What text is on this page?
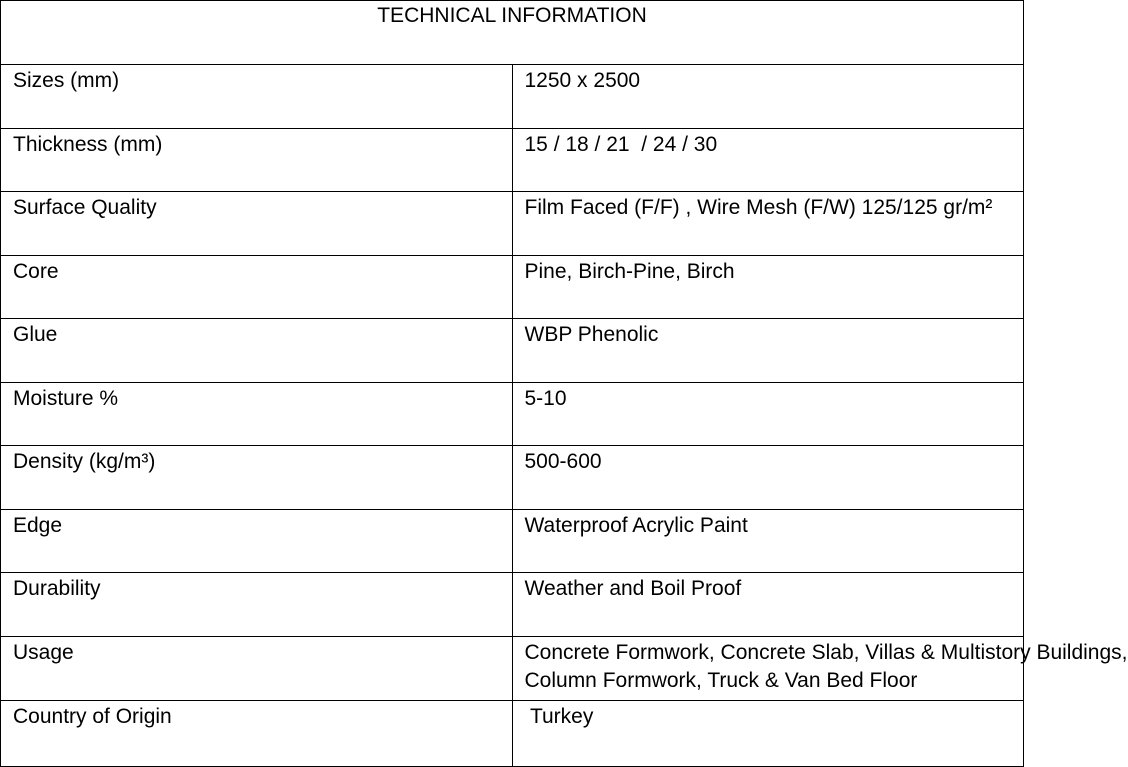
TECHNICAL INFORMATION	
Sizes (mm)	1250 x 2500
Thickness (mm)	15 / 18 / 21  / 24 / 30
Surface Quality	Film Faced (F/F) , Wire Mesh (F/W) 125/125 gr/m²
Core	Pine, Birch-Pine, Birch
Glue	WBP Phenolic
Moisture %	5-10
Density (kg/m³)	500-600
Edge	Waterproof Acrylic Paint
Durability	Weather and Boil Proof
Usage	Concrete Formwork, Concrete Slab, Villas & Multistory Buildings,
Column Formwork, Truck & Van Bed Floor

Country of Origin	Turkey
